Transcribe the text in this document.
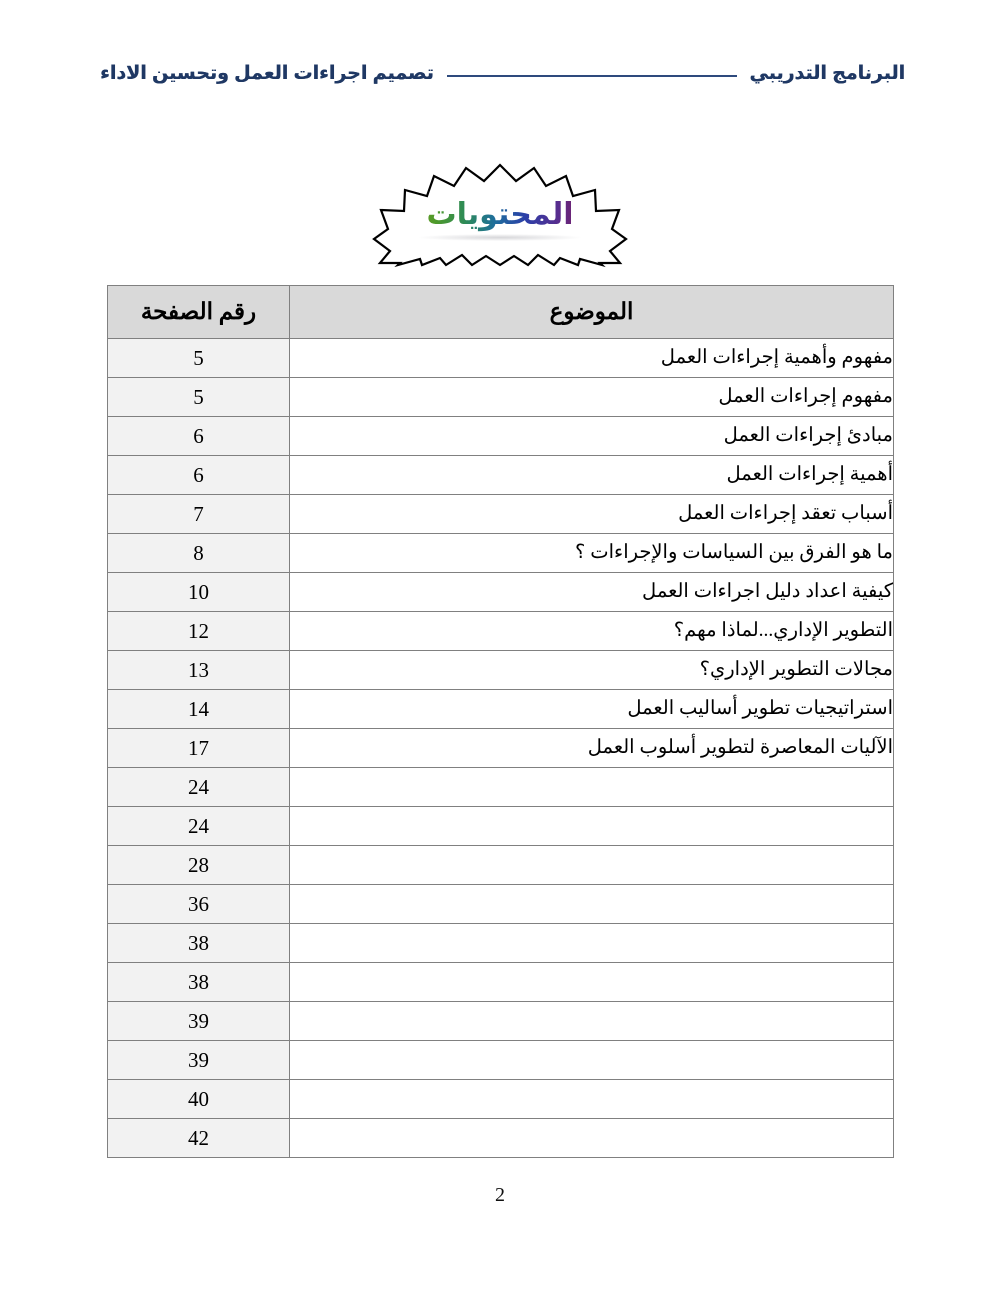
تصميم اجراءات العمل وتحسين الاداء	البرنامج التدريبي
المحتويات
الموضوع	رقم الصفحة
مفهوم وأهمية إجراءات العمل	5
مفهوم إجراءات العمل	5
مبادئ إجراءات العمل	6
أهمية إجراءات العمل	6
أسباب تعقد إجراءات العمل	7
ما هو الفرق بين السياسات والإجراءات ؟	8
كيفية اعداد دليل اجراءات العمل	10
التطوير الإداري...لماذا مهم؟	12
مجالات التطوير الإداري؟	13
استراتيجيات تطوير أساليب العمل	14
الآليات المعاصرة لتطوير أسلوب العمل	17
	24
	24
	28
	36
	38
	38
	39
	39
	40
	42
2
